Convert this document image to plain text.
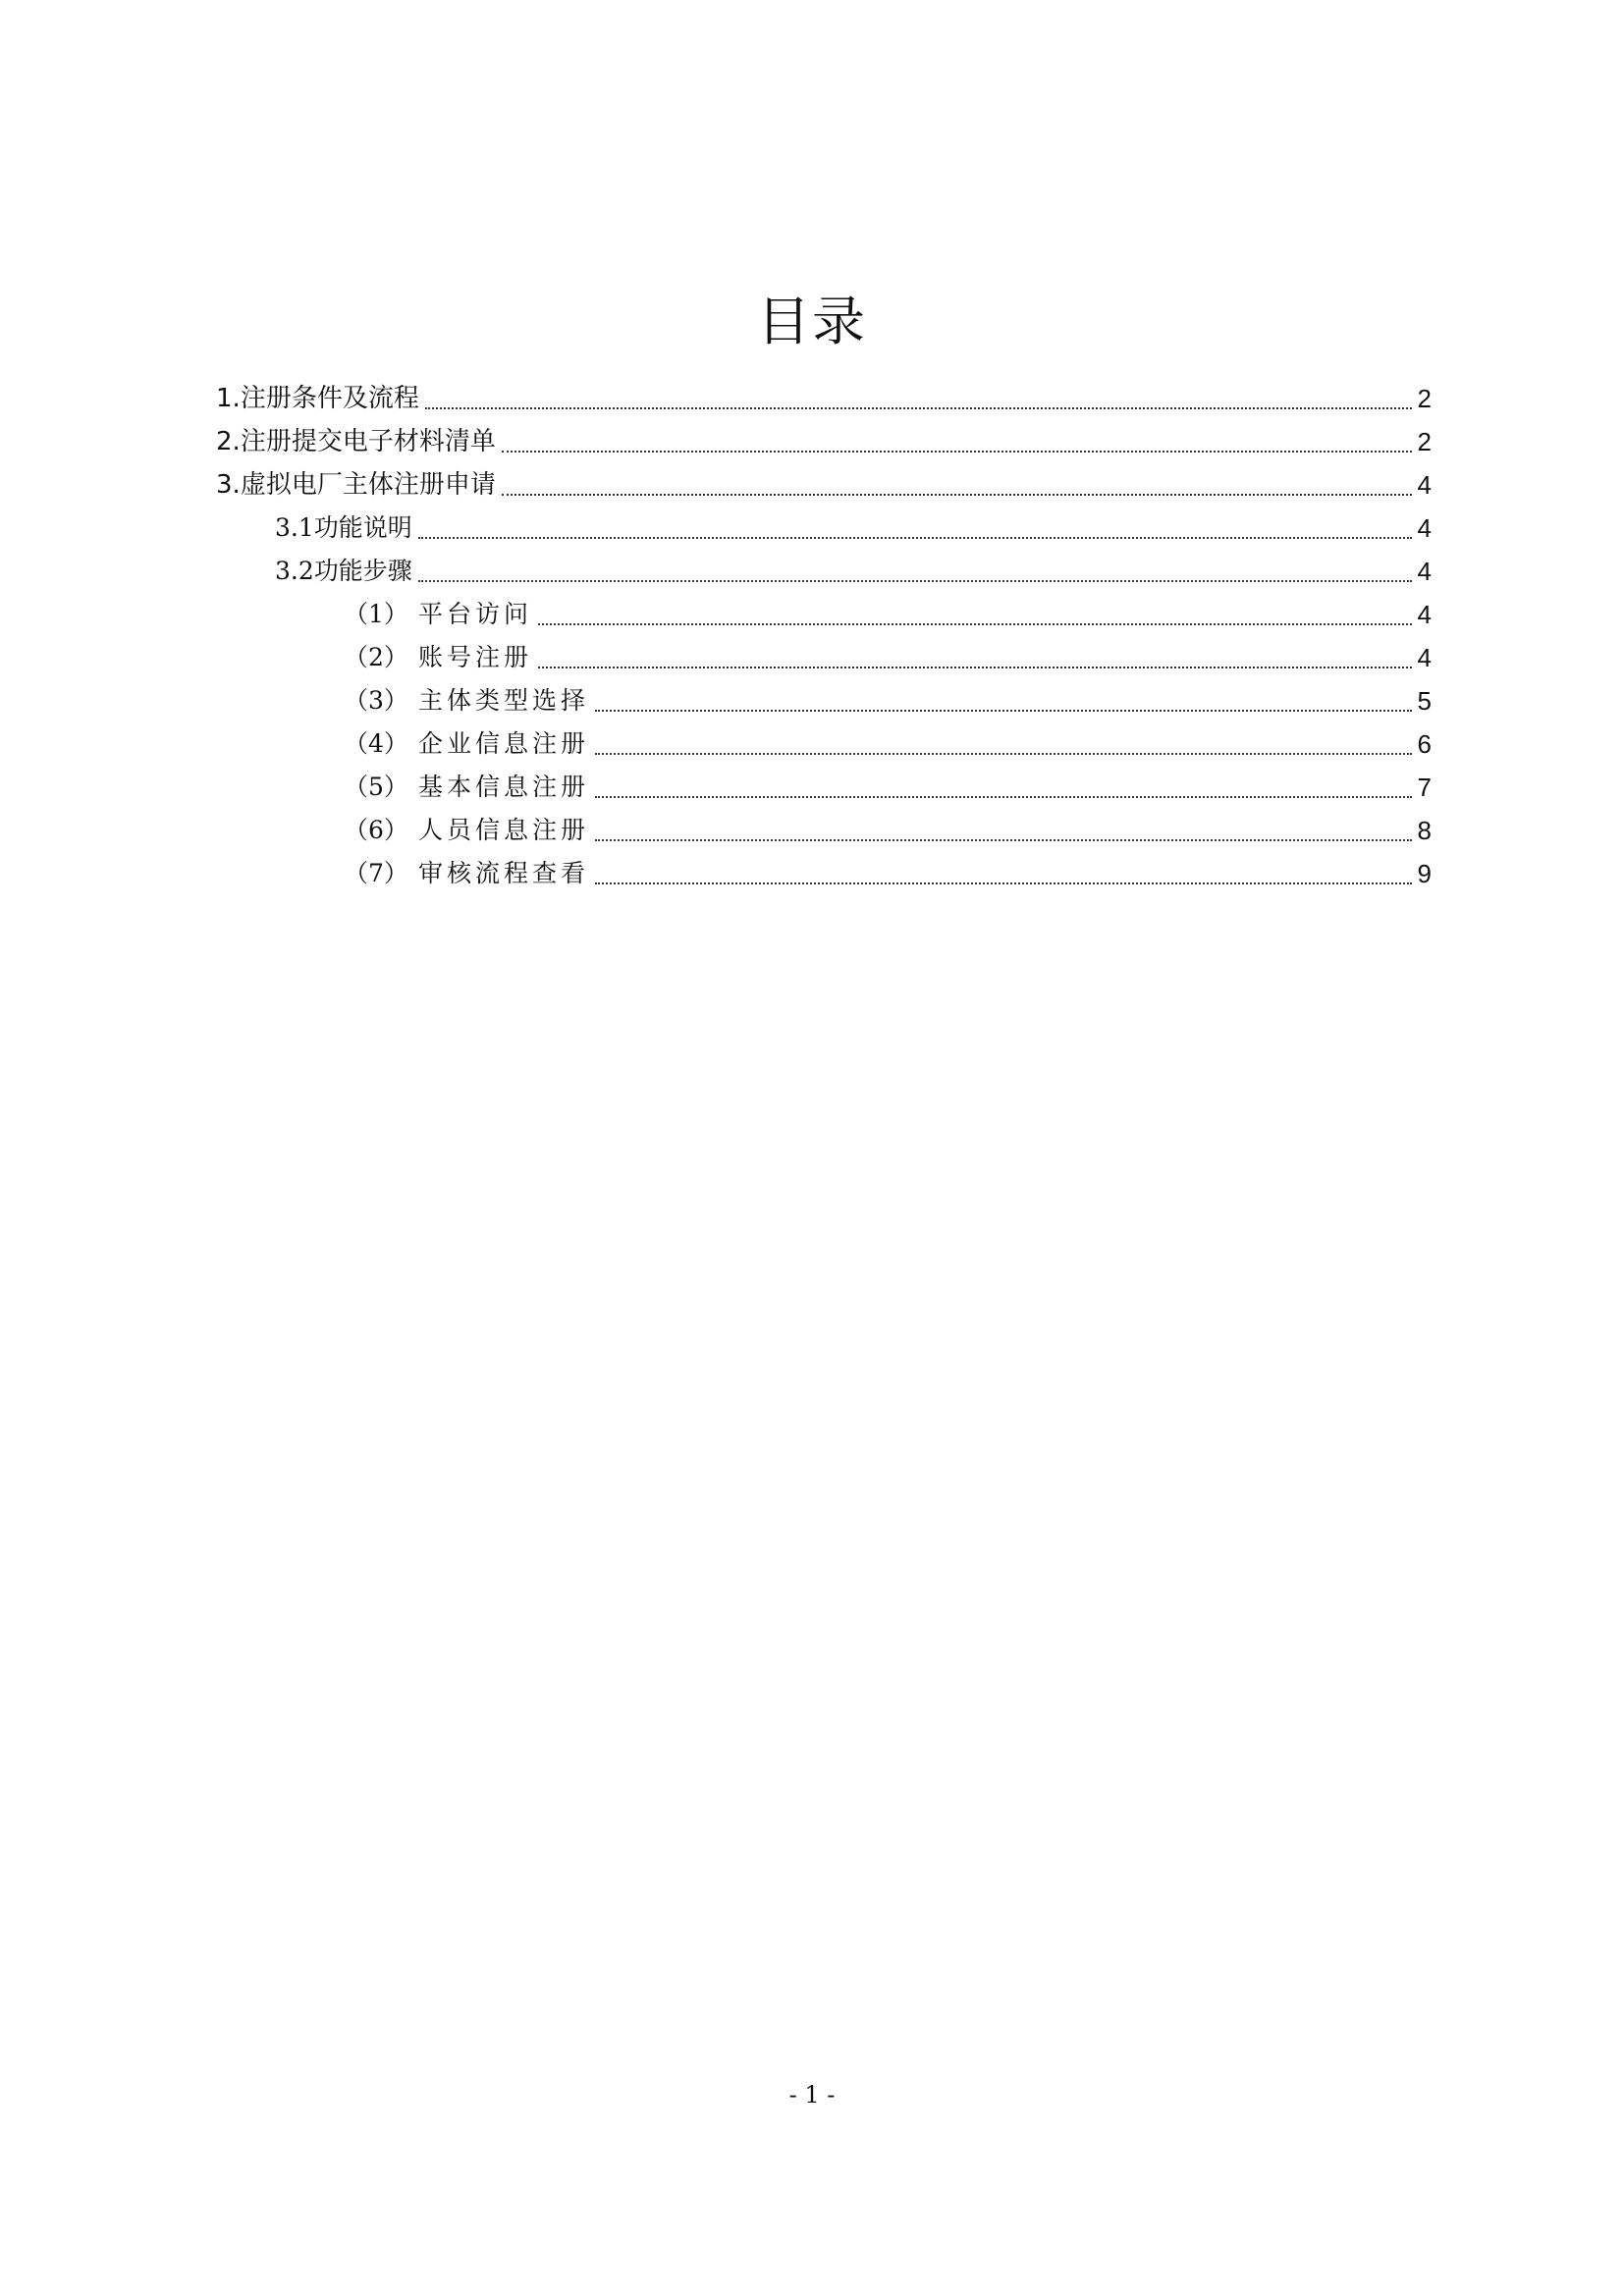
目录
1.注册条件及流程	2
2.注册提交电子材料清单	2
3.虚拟电厂主体注册申请	4
3.1功能说明	4
3.2功能步骤	4
（1） 平台访问	4
（2） 账号注册	4
（3） 主体类型选择	5
（4） 企业信息注册	6
（5） 基本信息注册	7
（6） 人员信息注册	8
（7） 审核流程查看	9
- 1 -
